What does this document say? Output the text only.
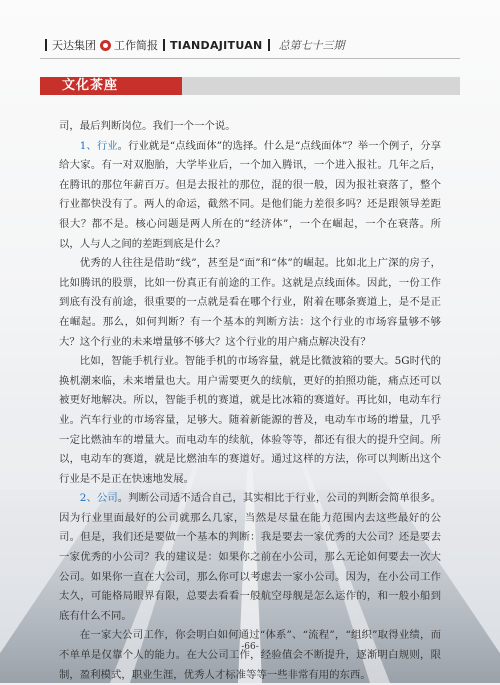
天达集团 工作简报 TIANDAJITUAN 总第七十三期
文化茶座

司，最后判断岗位。我们一个一个说。

1、行业。行业就是“点线面体”的选择。什么是“点线面体”？举一个例子，分享给大家。有一对双胞胎，大学毕业后，一个加入腾讯，一个进入报社。几年之后，在腾讯的那位年薪百万。但是去报社的那位，混的很一般，因为报社衰落了，整个行业都快没有了。两人的命运，截然不同。是他们能力差很多吗？还是跟领导差距很大？都不是。核心问题是两人所在的“经济体”，一个在崛起，一个在衰落。所以，人与人之间的差距到底是什么？

优秀的人往往是借助“线”，甚至是“面”和“体”的崛起。比如北上广深的房子，比如腾讯的股票，比如一份真正有前途的工作。这就是点线面体。因此，一份工作到底有没有前途，很重要的一点就是看在哪个行业，附着在哪条赛道上，是不是正在崛起。那么，如何判断？有一个基本的判断方法：这个行业的市场容量够不够大？这个行业的未来增量够不够大？这个行业的用户痛点解决没有？

比如，智能手机行业。智能手机的市场容量，就是比微波箱的要大。5G时代的换机潮来临，未来增量也大。用户需要更久的续航，更好的拍照功能，痛点还可以被更好地解决。所以，智能手机的赛道，就是比冰箱的赛道好。再比如，电动车行业。汽车行业的市场容量，足够大。随着新能源的普及，电动车市场的增量，几乎一定比燃油车的增量大。而电动车的续航，体验等等，都还有很大的提升空间。所以，电动车的赛道，就是比燃油车的赛道好。通过这样的方法，你可以判断出这个行业是不是正在快速地发展。

2、公司。判断公司适不适合自己，其实相比于行业，公司的判断会简单很多。因为行业里面最好的公司就那么几家，当然是尽量在能力范围内去这些最好的公司。但是，我们还是要做一个基本的判断：我是要去一家优秀的大公司？还是要去一家优秀的小公司？我的建议是：如果你之前在小公司，那么无论如何要去一次大公司。如果你一直在大公司，那么你可以考虑去一家小公司。因为，在小公司工作太久，可能格局眼界有限，总要去看看一般航空母舰是怎么运作的，和一般小船到底有什么不同。

在一家大公司工作，你会明白如何通过“体系”、“流程”，“组织”取得业绩，而不单单是仅靠个人的能力。在大公司工作，经验值会不断提升，逐渐明白规则，限制，盈利模式，职业生涯，优秀人才标准等等一些非常有用的东西。

-66-
